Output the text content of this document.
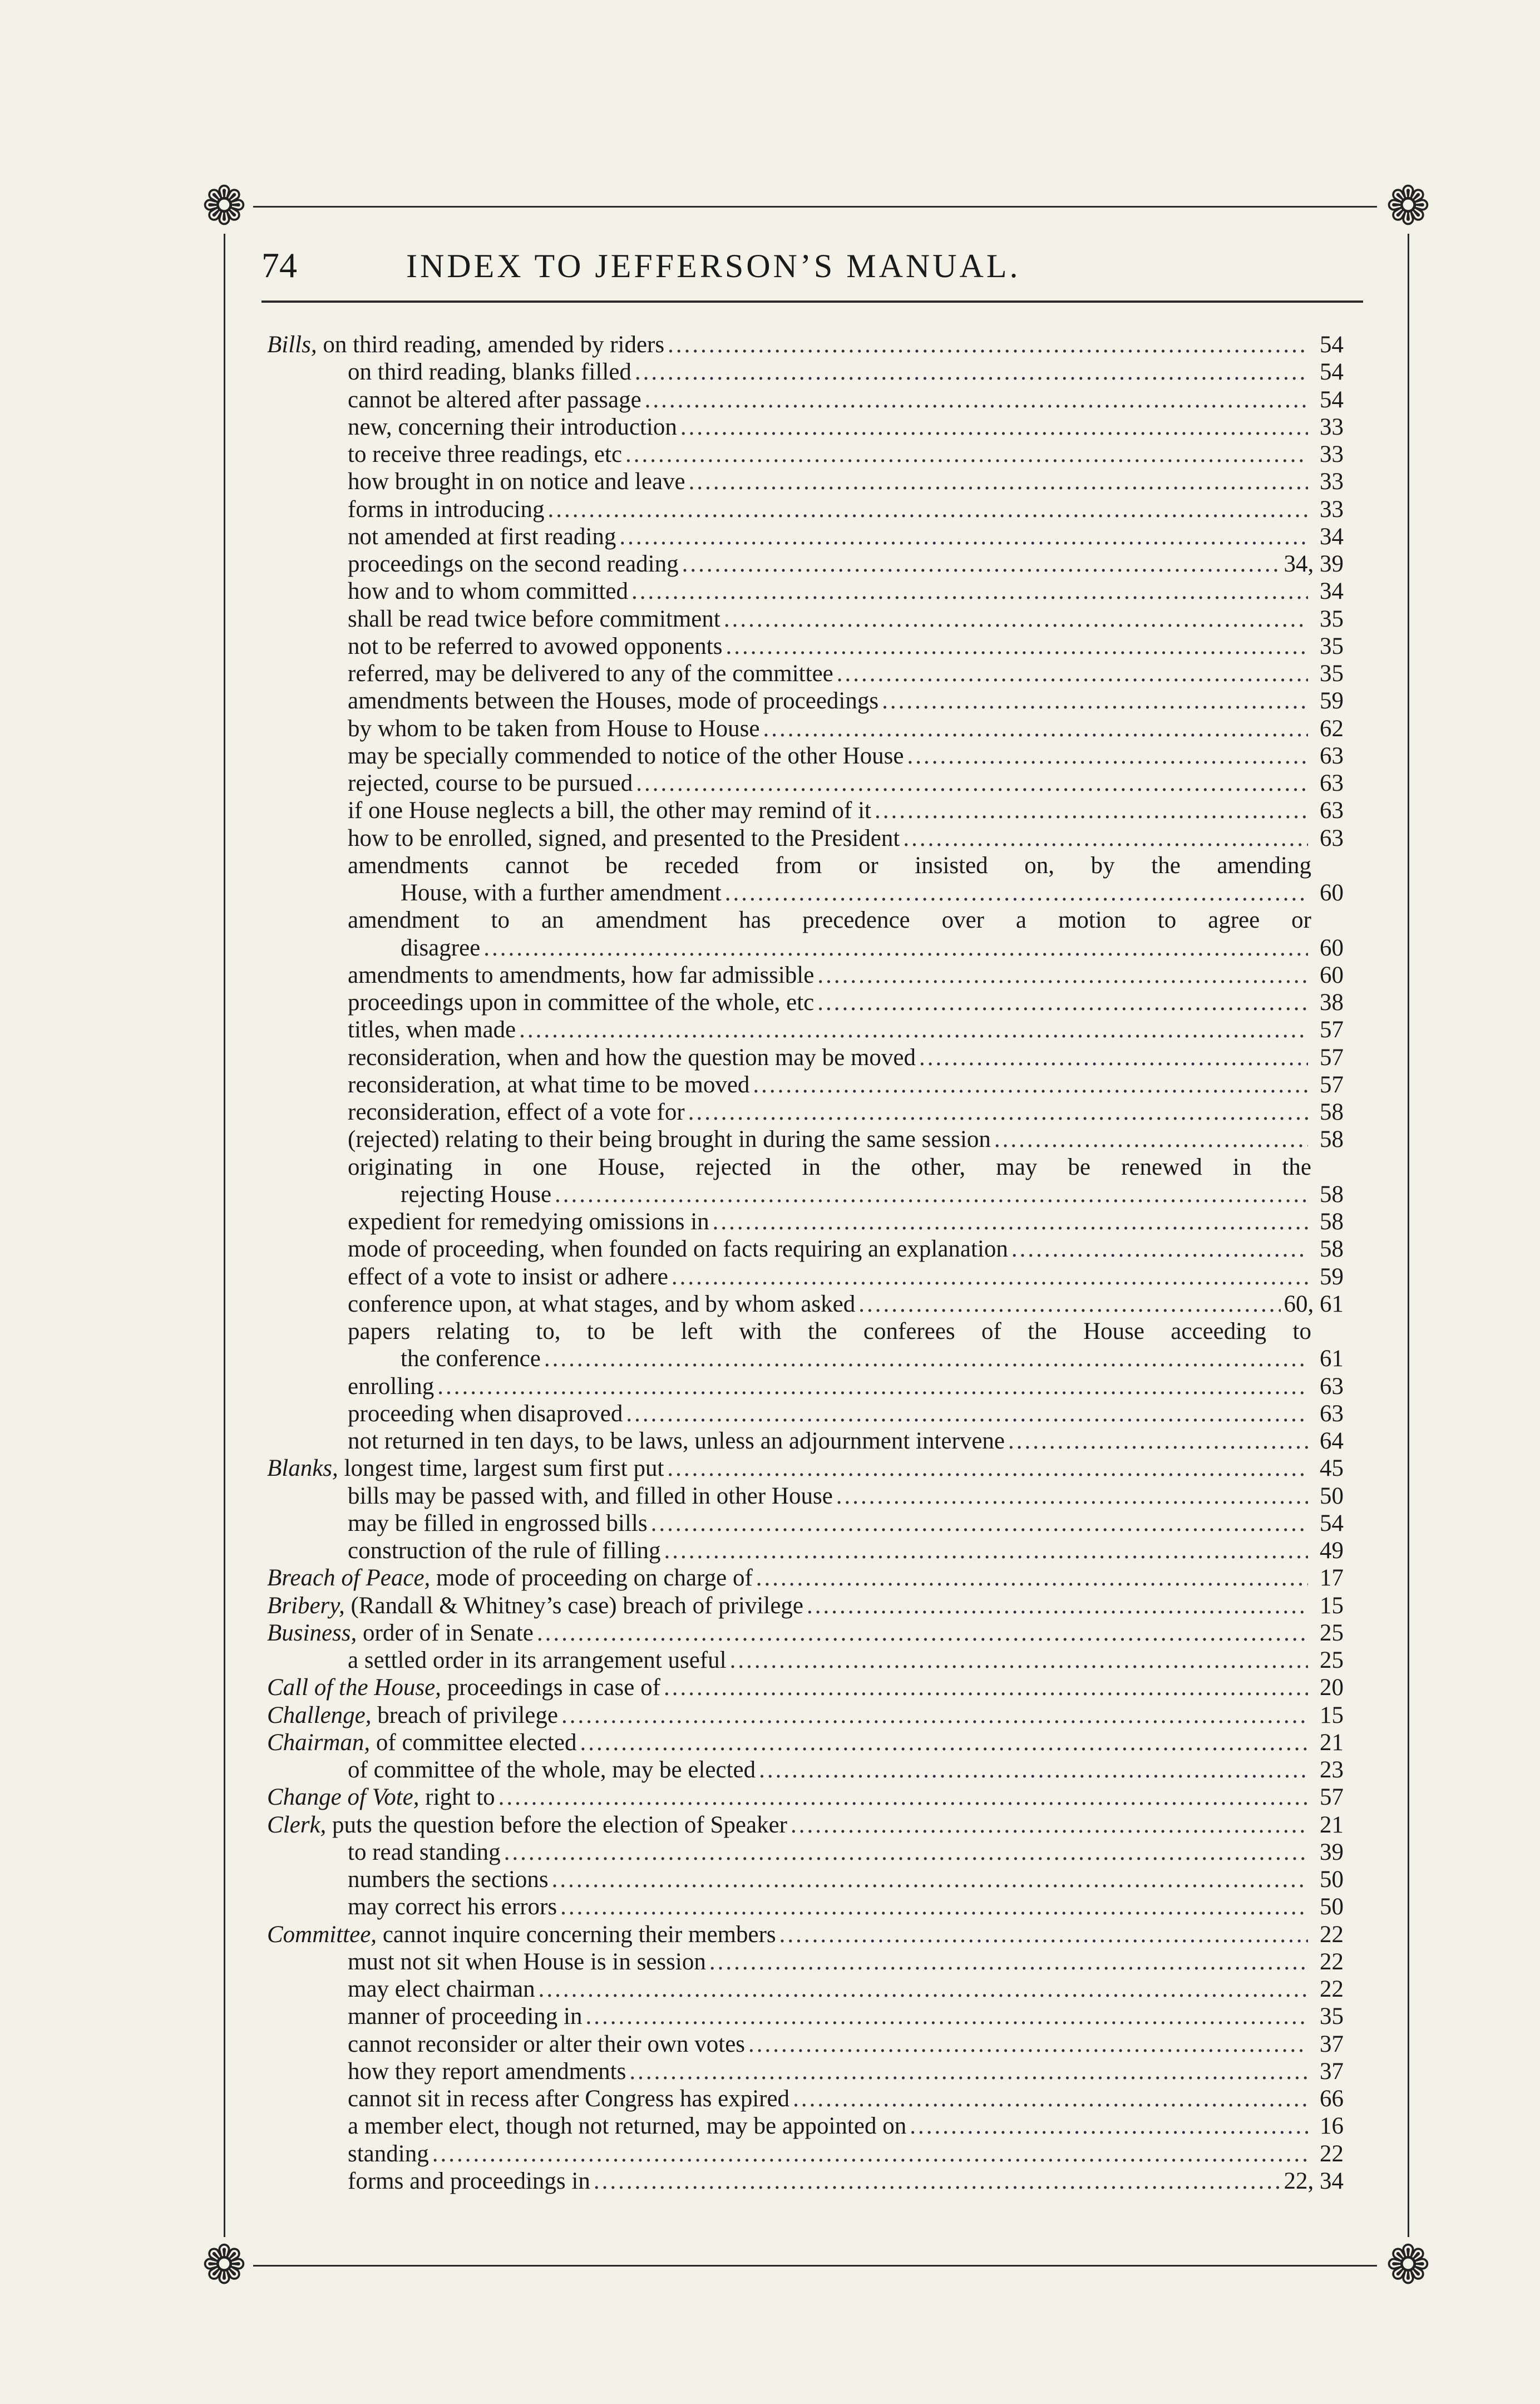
❁	❁
❁	❁
74	INDEX TO JEFFERSON’S MANUAL.
Bills,
on third reading, amended by riders .....	54
on third reading, blanks filled .....	54
cannot be altered after passage .....	54
new, concerning their introduction .....	33
to receive three readings, etc .....	33
how brought in on notice and leave .....	33
forms in introducing .....	33
not amended at first reading .....	34
proceedings on the second reading .....	34, 39
how and to whom committed .....	34
shall be read twice before commitment .....	35
not to be referred to avowed opponents .....	35
referred, may be delivered to any of the committee .....	35
amendments between the Houses, mode of proceedings .....	59
by whom to be taken from House to House .....	62
may be specially commended to notice of the other House .....	63
rejected, course to be pursued .....	63
if one House neglects a bill, the other may remind of it .....	63
how to be enrolled, signed, and presented to the President .....	63
amendments cannot be receded from or insisted on, by the amending
House, with a further amendment .....	60
amendment to an amendment has precedence over a motion to agree or
disagree .....	60
amendments to amendments, how far admissible .....	60
proceedings upon in committee of the whole, etc .....	38
titles, when made .....	57
reconsideration, when and how the question may be moved .....	57
reconsideration, at what time to be moved .....	57
reconsideration, effect of a vote for .....	58
(rejected) relating to their being brought in during the same session .....	58
originating in one House, rejected in the other, may be renewed in the
rejecting House .....	58
expedient for remedying omissions in .....	58
mode of proceeding, when founded on facts requiring an explanation .....	58
effect of a vote to insist or adhere .....	59
conference upon, at what stages, and by whom asked .....	60, 61
papers relating to, to be left with the conferees of the House acceeding to
the conference .....	61
enrolling .....	63
proceeding when disaproved .....	63
not returned in ten days, to be laws, unless an adjournment intervene .....	64
Blanks,
longest time, largest sum first put .....	45
bills may be passed with, and filled in other House .....	50
may be filled in engrossed bills .....	54
construction of the rule of filling .....	49
Breach of Peace,
mode of proceeding on charge of .....	17
Bribery,
(Randall & Whitney’s case) breach of privilege .....	15
Business,
order of in Senate .....	25
a settled order in its arrangement useful .....	25
Call of the House,
proceedings in case of .....	20
Challenge,
breach of privilege .....	15
Chairman,
of committee elected .....	21
of committee of the whole, may be elected .....	23
Change of Vote,
right to .....	57
Clerk,
puts the question before the election of Speaker .....	21
to read standing .....	39
numbers the sections .....	50
may correct his errors .....	50
Committee,
cannot inquire concerning their members .....	22
must not sit when House is in session .....	22
may elect chairman .....	22
manner of proceeding in .....	35
cannot reconsider or alter their own votes .....	37
how they report amendments .....	37
cannot sit in recess after Congress has expired .....	66
a member elect, though not returned, may be appointed on .....	16
standing .....	22
forms and proceedings in .....	22, 34
